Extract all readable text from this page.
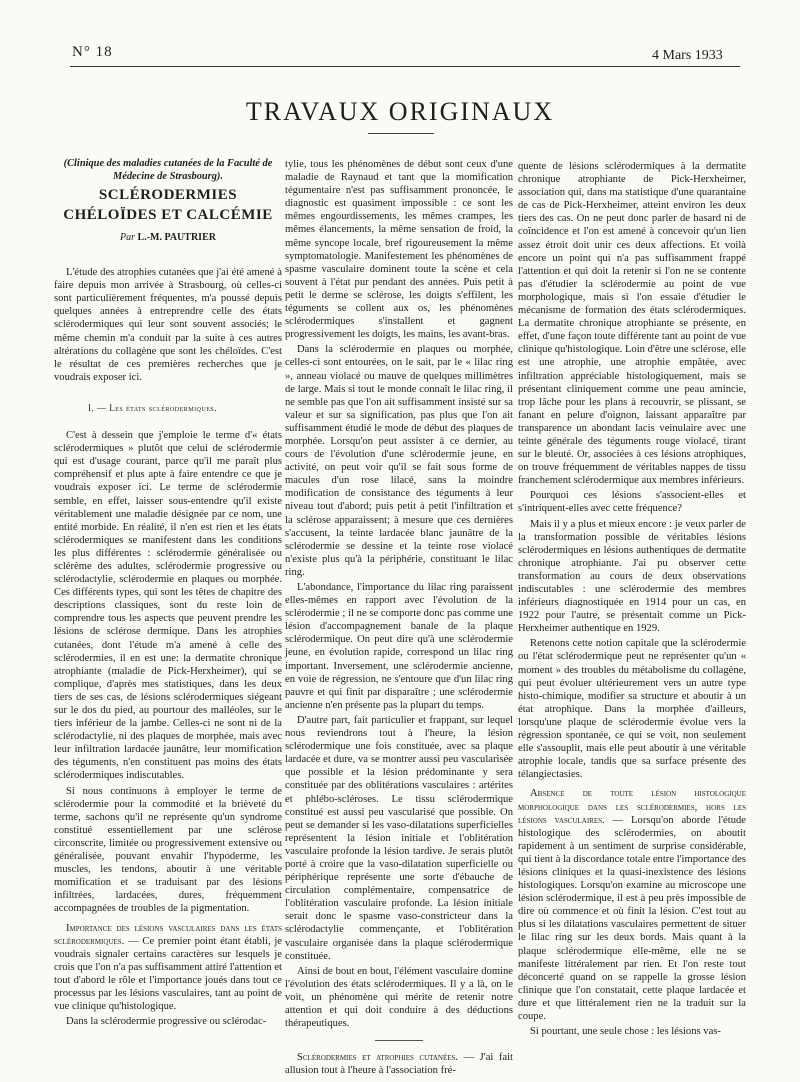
N° 18	4 Mars 1933
TRAVAUX ORIGINAUX

(Clinique des maladies cutanées de la Faculté de Médecine de Strasbourg).

SCLÉRODERMIES
CHÉLOÏDES ET CALCÉMIE
Par L.-M. PAUTRIER

L'étude des atrophies cutanées que j'ai été amené à faire depuis mon arrivée à Strasbourg, où celles-ci sont particulièrement fréquentes, m'a poussé depuis quelques années à entreprendre celle des états sclérodermiques qui leur sont souvent associés; le même chemin m'a conduit par la suite à ces autres altérations du collagène que sont les chéloïdes. C'est le résultat de ces premières recherches que je voudrais exposer ici.

I. — Les états sclérodermiques.

C'est à dessein que j'emploie le terme d'« états sclérodermiques » plutôt que celui de sclérodermie qui est d'usage courant, parce qu'il me paraît plus compréhensif et plus apte à faire entendre ce que je voudrais exposer ici. Le terme de sclérodermie semble, en effet, laisser sous-entendre qu'il existe véritablement une maladie désignée par ce nom, une entité morbide. En réalité, il n'en est rien et les états sclérodermiques se manifestent dans les conditions les plus différentes : sclérodermie généralisée ou sclérème des adultes, sclérodermie progressive ou sclérodactylie, sclérodermie en plaques ou morphée. Ces différents types, qui sont les têtes de chapitre des descriptions classiques, sont du reste loin de comprendre tous les aspects que peuvent prendre les lésions de sclérose dermique. Dans les atrophies cutanées, dont l'étude m'a amené à celle des sclérodermies, il en est une: la dermatite chronique atrophiante (maladie de Pick-Herxheimer), qui se complique, d'après mes statistiques, dans les deux tiers de ses cas, de lésions sclérodermiques siégeant sur le dos du pied, au pourtour des malléoles, sur le tiers inférieur de la jambe. Celles-ci ne sont ni de la sclérodactylie, ni des plaques de morphée, mais avec leur infiltration lardacée jaunâtre, leur momification des téguments, n'en constituent pas moins des états sclérodermiques indiscutables.

Si nous continuons à employer le terme de sclérodermie pour la commodité et la brièveté du terme, sachons qu'il ne représente qu'un syndrome constitué essentiellement par une sclérose circonscrite, limitée ou progressivement extensive ou généralisée, pouvant envahir l'hypoderme, les muscles, les tendons, aboutir à une véritable momification et se traduisant par des lésions infiltrées, lardacées, dures, fréquemment accompagnées de troubles de la pigmentation.

Importance des lésions vasculaires dans les états sclérodermiques. — Ce premier point étant établi, je voudrais signaler certains caractères sur lesquels je crois que l'on n'a pas suffisamment attiré l'attention et tout d'abord le rôle et l'importance joués dans tout ce processus par les lésions vasculaires, tant au point de vue clinique qu'histologique.

Dans la sclérodermie progressive ou sclérodac-

tylie, tous les phénomènes de début sont ceux d'une maladie de Raynaud et tant que la momification tégumentaire n'est pas suffisamment prononcée, le diagnostic est quasiment impossible : ce sont les mêmes engourdissements, les mêmes crampes, les mêmes élancements, la même sensation de froid, la même syncope locale, bref rigoureusement la même symptomatologie. Manifestement les phénomènes de spasme vasculaire dominent toute la scène et cela souvent à l'état pur pendant des années. Puis petit à petit le derme se sclérose, les doigts s'effilent, les téguments se collent aux os, les phénomènes sclérodermiques s'installent et gagnent progressivement les doigts, les mains, les avant-bras.

Dans la sclérodermie en plaques ou morphée, celles-ci sont entourées, on le sait, par le « lilac ring », anneau violacé ou mauve de quelques millimètres de large. Mais si tout le monde connaît le lilac ring, il ne semble pas que l'on ait suffisamment insisté sur sa valeur et sur sa signification, pas plus que l'on ait suffisamment étudié le mode de début des plaques de morphée. Lorsqu'on peut assister à ce dernier, au cours de l'évolution d'une sclérodermie jeune, en activité, on peut voir qu'il se fait sous forme de macules d'un rose lilacé, sans la moindre modification de consistance des téguments à leur niveau tout d'abord; puis petit à petit l'infiltration et la sclérose apparaissent; à mesure que ces dernières s'accusent, la teinte lardacée blanc jaunâtre de la sclérodermie se dessine et la teinte rose violacé n'existe plus qu'à la périphérie, constituant le lilac ring.

L'abondance, l'importance du lilac ring paraissent elles-mêmes en rapport avec l'évolution de la sclérodermie ; il ne se comporte donc pas comme une lésion d'accompagnement banale de la plaque sclérodermique. On peut dire qu'à une sclérodermie jeune, en évolution rapide, correspond un lilac ring important. Inversement, une sclérodermie ancienne, en voie de régression, ne s'entoure que d'un lilac ring pauvre et qui finit par disparaître ; une sclérodermie ancienne n'en présente pas la plupart du temps.

D'autre part, fait particulier et frappant, sur lequel nous reviendrons tout à l'heure, la lésion sclérodermique une fois constituée, avec sa plaque lardacée et dure, va se montrer aussi peu vascularisée que possible et la lésion prédominante y sera constituée par des oblitérations vasculaires : artérites et phlébo-scléroses. Le tissu sclérodermique constitué est aussi peu vascularisé que possible. On peut se demander si les vaso-dilatations superficielles représentent la lésion initiale et l'oblitération vasculaire profonde la lésion tardive. Je serais plutôt porté à croire que la vaso-dilatation superficielle ou périphérique représente une sorte d'ébauche de circulation complémentaire, compensatrice de l'oblitération vasculaire profonde. La lésion initiale serait donc le spasme vaso-constricteur dans la sclérodactylie commençante, et l'oblitération vasculaire organisée dans la plaque sclérodermique constituée.

Ainsi de bout en bout, l'élément vasculaire domine l'évolution des états sclérodermiques. Il y a là, on le voit, un phénomène qui mérite de retenir notre attention et qui doit conduire à des déductions thérapeutiques.

Sclérodermies et atrophies cutanées. — J'ai fait allusion tout à l'heure à l'association fré-

quente de lésions sclérodermiques à la dermatite chronique atrophiante de Pick-Herxheimer, association qui, dans ma statistique d'une quarantaine de cas de Pick-Herxheimer, atteint environ les deux tiers des cas. On ne peut donc parler de hasard ni de coïncidence et l'on est amené à concevoir qu'un lien assez étroit doit unir ces deux affections. Et voilà encore un point qui n'a pas suffisamment frappé l'attention et qui doit la retenir si l'on ne se contente pas d'étudier la sclérodermie au point de vue morphologique, mais si l'on essaie d'étudier le mécanisme de formation des états sclérodermiques. La dermatite chronique atrophiante se présente, en effet, d'une façon toute différente tant au point de vue clinique qu'histologique. Loin d'être une sclérose, elle est une atrophie, une atrophie empâtée, avec infiltration appréciable histologiquement, mais se présentant cliniquement comme une peau amincie, trop lâche pour les plans à recouvrir, se plissant, se fanant en pelure d'oignon, laissant apparaître par transparence un abondant lacis veinulaire avec une teinte générale des téguments rouge violacé, tirant sur le bleuté. Or, associées à ces lésions atrophiques, on trouve fréquemment de véritables nappes de tissu franchement sclérodermique aux membres inférieurs.

Pourquoi ces lésions s'associent-elles et s'intriquent-elles avec cette fréquence?

Mais il y a plus et mieux encore : je veux parler de la transformation possible de véritables lésions sclérodermiques en lésions authentiques de dermatite chronique atrophiante. J'ai pu observer cette transformation au cours de deux observations indiscutables : une sclérodermie des membres inférieurs diagnostiquée en 1914 pour un cas, en 1922 pour l'autre, se présentait comme un Pick-Herxheimer authentique en 1929.

Retenons cette notion capitale que la sclérodermie ou l'état sclérodermique peut ne représenter qu'un « moment » des troubles du métabolisme du collagène, qui peut évoluer ultérieurement vers un autre type histo-chimique, modifier sa structure et aboutir à un état atrophique. Dans la morphée d'ailleurs, lorsqu'une plaque de sclérodermie évolue vers la régression spontanée, ce qui se voit, non seulement elle s'assouplit, mais elle peut aboutir à une véritable atrophie locale, tandis que sa surface présente des télangiectasies.

Absence de toute lésion histologique morphologique dans les sclérodermies, hors les lésions vasculaires. — Lorsqu'on aborde l'étude histologique des sclérodermies, on aboutit rapidement à un sentiment de surprise considérable, qui tient à la discordance totale entre l'importance des lésions cliniques et la quasi-inexistence des lésions histologiques. Lorsqu'on examine au microscope une lésion sclérodermique, il est à peu près impossible de dire où commence et où finit la lésion. C'est tout au plus si les dilatations vasculaires permettent de situer le lilac ring sur les deux bords. Mais quant à la plaque sclérodermique elle-même, elle ne se manifeste littéralement par rien. Et l'on reste tout déconcerté quand on se rappelle la grosse lésion clinique que l'on constatait, cette plaque lardacée et dure et que littéralement rien ne la traduit sur la coupe.

Si pourtant, une seule chose : les lésions vas-
